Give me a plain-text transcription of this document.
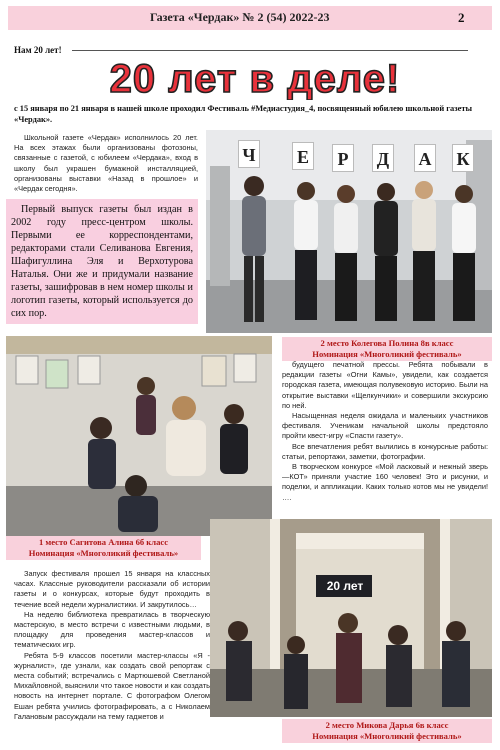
Газета «Чердак» № 2 (54) 2022-23	2
Нам 20 лет!
20 лет в деле!
с 15 января по 21 января в нашей школе проходил Фестиваль #Медиастудия_4, посвященный юбилею школьной газеты «Чердак».

Школьной газете «Чердак» исполнилось 20 лет. На всех этажах были организованы фотозоны, связанные с газетой, с юбилеем «Чердака», вход в школу был украшен бумажной инсталляцией, организованы выставки «Назад в прошлое» и «Чердак сегодня».

Первый выпуск газеты был издан в 2002 году пресс-центром школы. Первыми ее корреспондентами, редакторами стали Селиванова Евгения, Шафигуллина Эля и Верхотурова Наталья. Они же и придумали название газеты, зашифровав в нем номер школы и логотип газеты, который используется до сих пор.
Ч Е	Р	Д А К
2 место Колегова Полина 8в класс
Номинация «Многоликий фестиваль»
1 место Сагитова Алина 6б класс
Номинация «Многоликий фестиваль»

будущего печатной прессы. Ребята побывали в редакции газеты «Огни Камы», увидели, как создается городская газета, имеющая полувековую историю. Были на открытие выставки «Щелкунчики» и совершили экскурсию по ней.

Насыщенная неделя ожидала и маленьких участников фестиваля. Ученикам начальной школы предстояло пройти квест-игру «Спасти газету».

Все впечатления ребят вылились в конкурсные работы: статьи, репортажи, заметки, фотографии.

В творческом конкурсе «Мой ласковый и нежный зверь—КОТ» приняли участие 160 человек! Это и рисунки, и поделки, и аппликации. Каких только котов мы не увидели! ….

Запуск фестиваля прошел 15 января на классных часах. Классные руководители рассказали об истории газеты и о конкурсах, которые будут проходить в течение всей недели журналистики. И закрутилось…

На неделю библиотека превратилась в творческую мастерскую, в место встречи с известными людьми, в площадку для проведения мастер-классов и тематических игр.

Ребята 5-9 классов посетили мастер-классы «Я - журналист», где узнали, как создать свой репортаж с места событий; встречались с Мартюшевой Светланой Михайловной, выяснили что такое новости и как создать новость на интернет портале. С фотографом Олегом Ешан ребята учились фотографировать, а с Николаем Галановым рассуждали на тему гаджетов и

20 лет
2 место Микова Дарья 6в класс
Номинация «Многоликий фестиваль»
